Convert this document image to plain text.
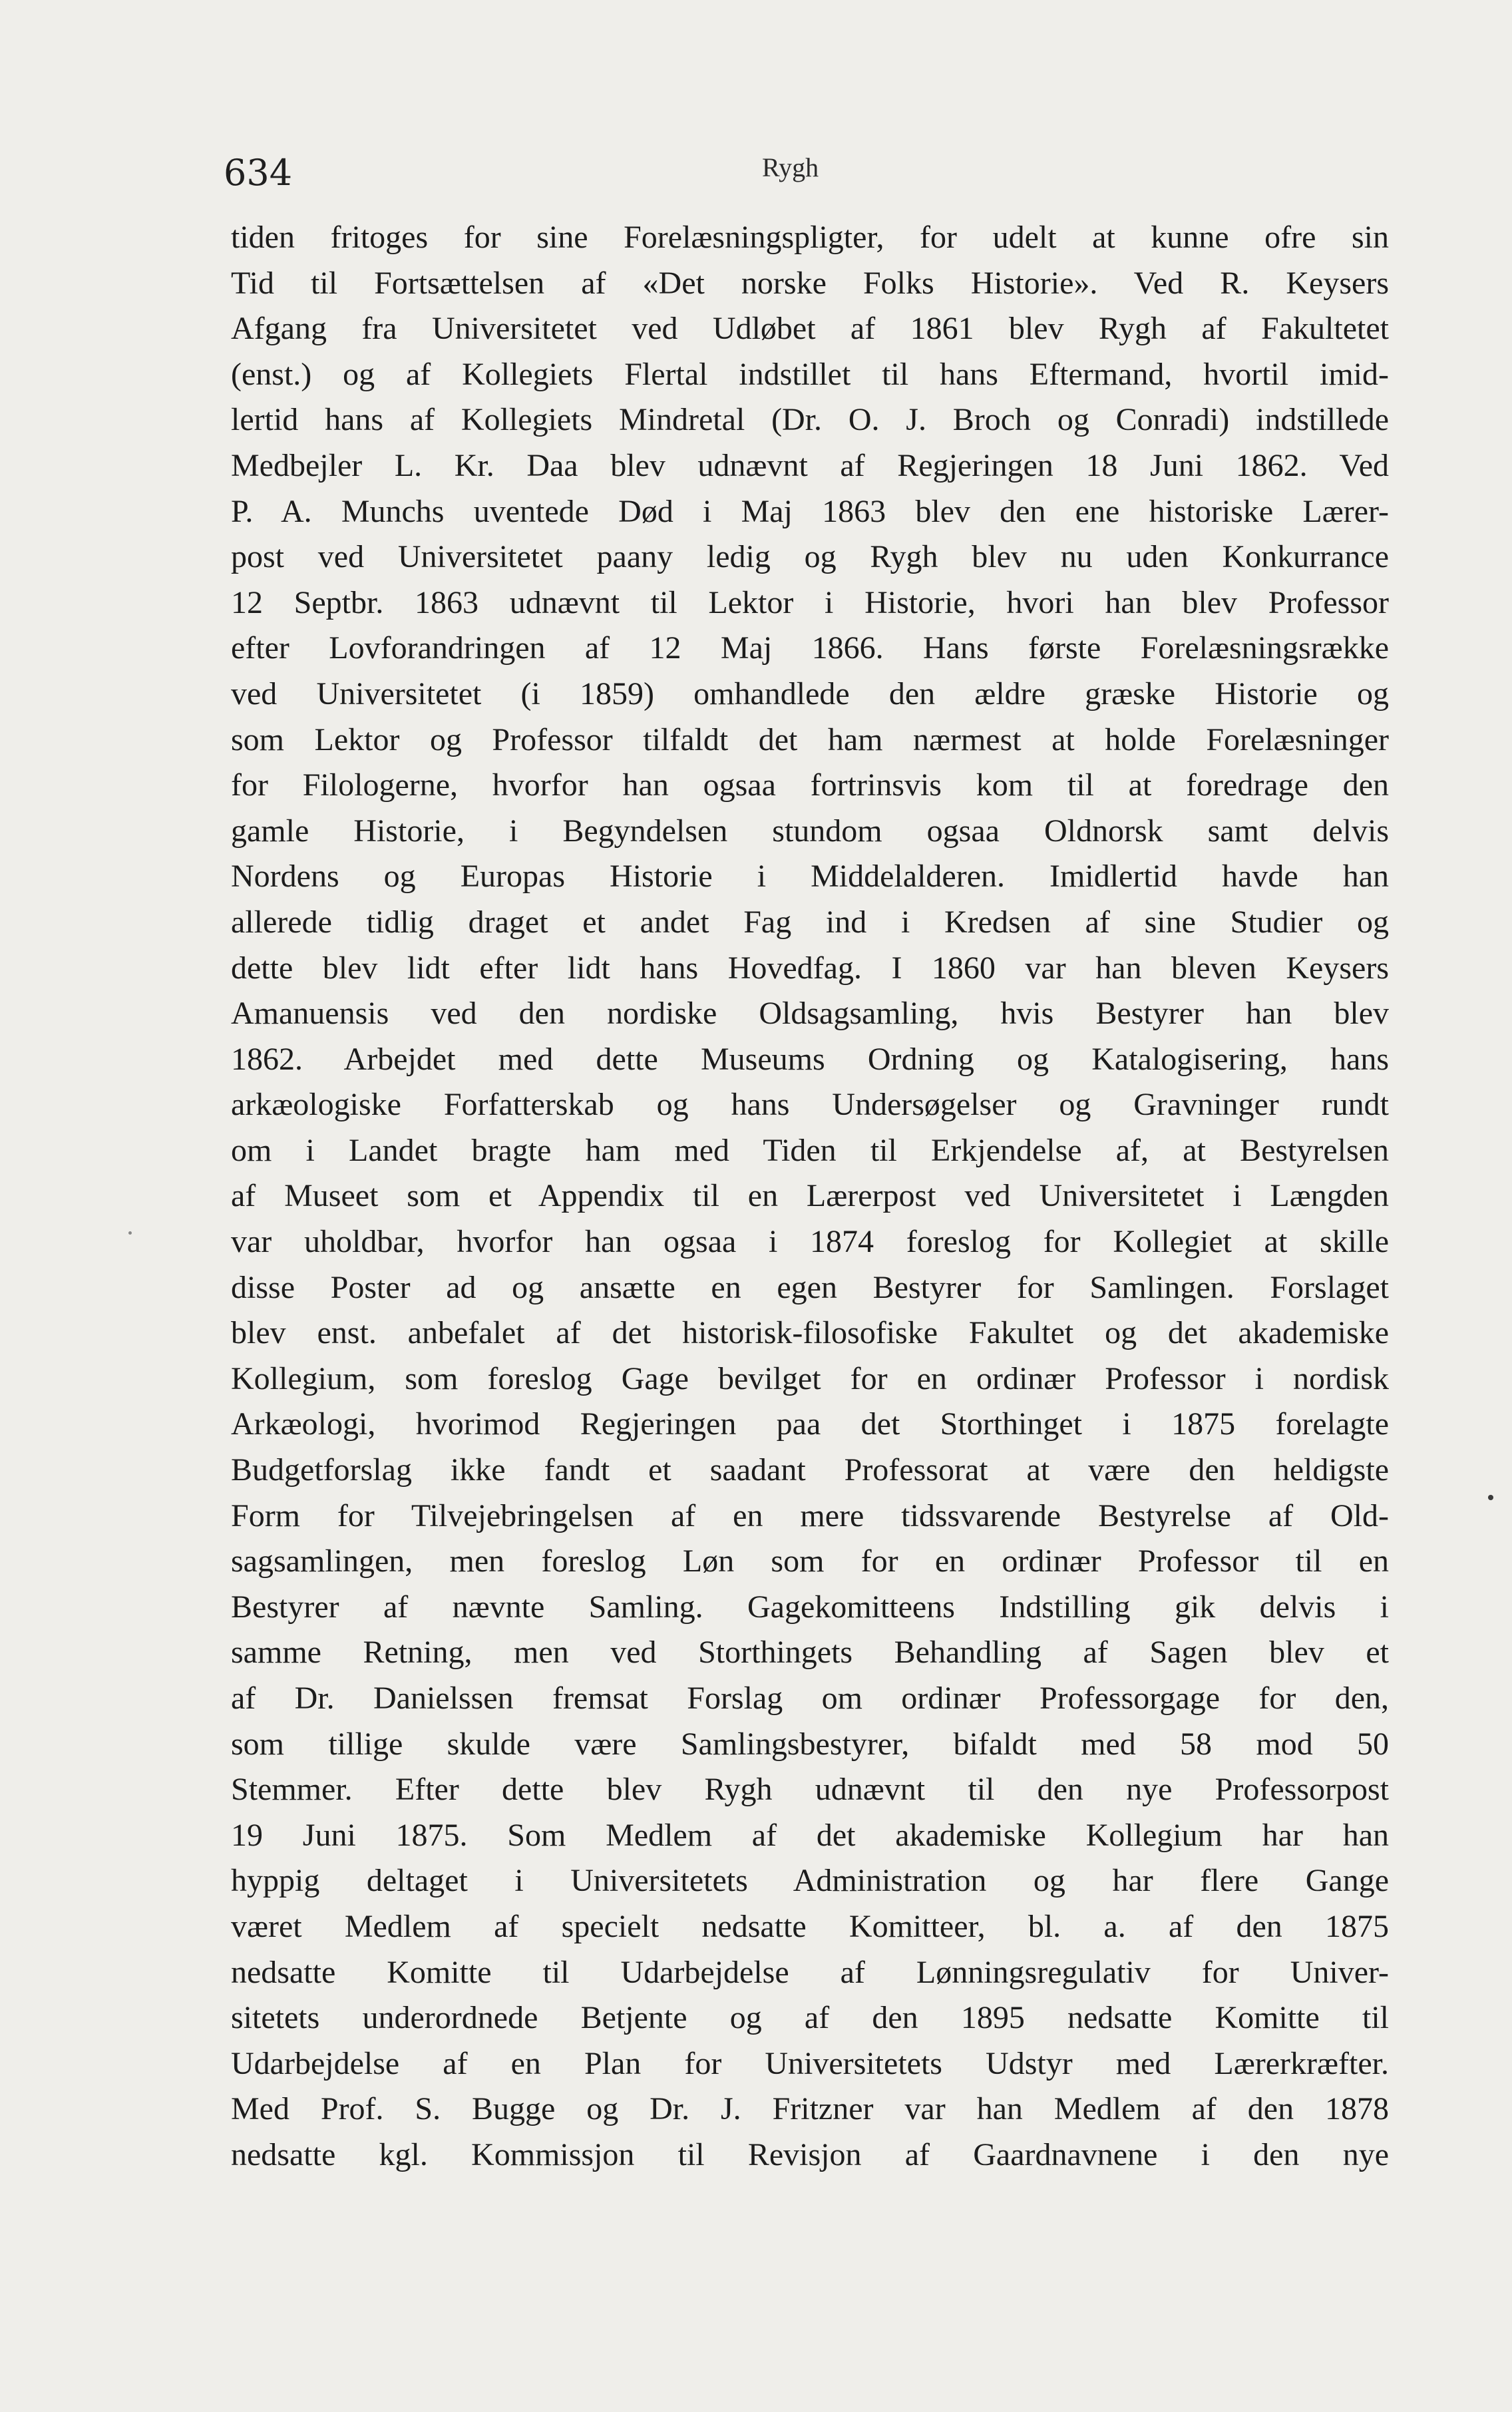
634	Rygh

tiden fritoges for sine Forelæsningspligter, for udelt at kunne ofre sin
Tid til Fortsættelsen af «Det norske Folks Historie». Ved R. Keysers
Afgang fra Universitetet ved Udløbet af 1861 blev Rygh af Fakultetet
(enst.) og af Kollegiets Flertal indstillet til hans Eftermand, hvortil imid-
lertid hans af Kollegiets Mindretal (Dr. O. J. Broch og Conradi) indstillede
Medbejler L. Kr. Daa blev udnævnt af Regjeringen 18 Juni 1862. Ved
P. A. Munchs uventede Død i Maj 1863 blev den ene historiske Lærer-
post ved Universitetet paany ledig og Rygh blev nu uden Konkurrance
12 Septbr. 1863 udnævnt til Lektor i Historie, hvori han blev Professor
efter Lovforandringen af 12 Maj 1866. Hans første Forelæsningsrække
ved Universitetet (i 1859) omhandlede den ældre græske Historie og
som Lektor og Professor tilfaldt det ham nærmest at holde Forelæsninger
for Filologerne, hvorfor han ogsaa fortrinsvis kom til at foredrage den
gamle Historie, i Begyndelsen stundom ogsaa Oldnorsk samt delvis
Nordens og Europas Historie i Middelalderen. Imidlertid havde han
allerede tidlig draget et andet Fag ind i Kredsen af sine Studier og
dette blev lidt efter lidt hans Hovedfag. I 1860 var han bleven Keysers
Amanuensis ved den nordiske Oldsagsamling, hvis Bestyrer han blev
1862. Arbejdet med dette Museums Ordning og Katalogisering, hans
arkæologiske Forfatterskab og hans Undersøgelser og Gravninger rundt
om i Landet bragte ham med Tiden til Erkjendelse af, at Bestyrelsen
af Museet som et Appendix til en Lærerpost ved Universitetet i Længden
var uholdbar, hvorfor han ogsaa i 1874 foreslog for Kollegiet at skille
disse Poster ad og ansætte en egen Bestyrer for Samlingen. Forslaget
blev enst. anbefalet af det historisk-filosofiske Fakultet og det akademiske
Kollegium, som foreslog Gage bevilget for en ordinær Professor i nordisk
Arkæologi, hvorimod Regjeringen paa det Storthinget i 1875 forelagte
Budgetforslag ikke fandt et saadant Professorat at være den heldigste
Form for Tilvejebringelsen af en mere tidssvarende Bestyrelse af Old-
sagsamlingen, men foreslog Løn som for en ordinær Professor til en
Bestyrer af nævnte Samling. Gagekomitteens Indstilling gik delvis i
samme Retning, men ved Storthingets Behandling af Sagen blev et
af Dr. Danielssen fremsat Forslag om ordinær Professorgage for den,
som tillige skulde være Samlingsbestyrer, bifaldt med 58 mod 50
Stemmer. Efter dette blev Rygh udnævnt til den nye Professorpost
19 Juni 1875. Som Medlem af det akademiske Kollegium har han
hyppig deltaget i Universitetets Administration og har flere Gange
været Medlem af specielt nedsatte Komitteer, bl. a. af den 1875
nedsatte Komitte til Udarbejdelse af Lønningsregulativ for Univer-
sitetets underordnede Betjente og af den 1895 nedsatte Komitte til
Udarbejdelse af en Plan for Universitetets Udstyr med Lærerkræfter.
Med Prof. S. Bugge og Dr. J. Fritzner var han Medlem af den 1878
nedsatte kgl. Kommissjon til Revisjon af Gaardnavnene i den nye
